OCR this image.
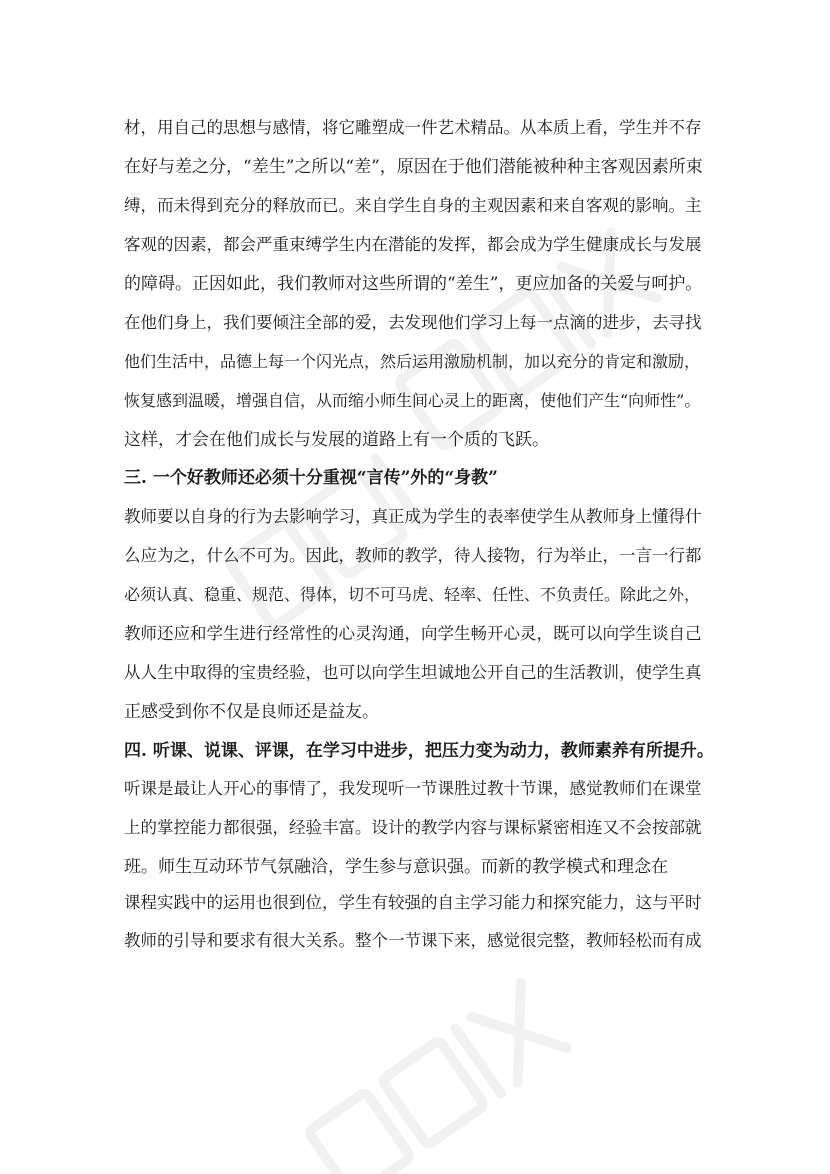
材，用自己的思想与感情，将它雕塑成一件艺术精品。从本质上看，学生并不存
在好与差之分，“差生”之所以“差”，原因在于他们潜能被种种主客观因素所束
缚，而未得到充分的释放而已。来自学生自身的主观因素和来自客观的影响。主
客观的因素，都会严重束缚学生内在潜能的发挥，都会成为学生健康成长与发展
的障碍。正因如此，我们教师对这些所谓的“差生”，更应加备的关爱与呵护。
在他们身上，我们要倾注全部的爱，去发现他们学习上每一点滴的进步，去寻找
他们生活中，品德上每一个闪光点，然后运用激励机制，加以充分的肯定和激励，
恢复感到温暖，增强自信，从而缩小师生间心灵上的距离，使他们产生“向师性”。
这样，才会在他们成长与发展的道路上有一个质的飞跃。
三. 一个好教师还必须十分重视“言传”外的“身教”
教师要以自身的行为去影响学习，真正成为学生的表率使学生从教师身上懂得什
么应为之，什么不可为。因此，教师的教学，待人接物，行为举止，一言一行都
必须认真、稳重、规范、得体，切不可马虎、轻率、任性、不负责任。除此之外，
教师还应和学生进行经常性的心灵沟通，向学生畅开心灵，既可以向学生谈自己
从人生中取得的宝贵经验，也可以向学生坦诚地公开自己的生活教训，使学生真
正感受到你不仅是良师还是益友。
四. 听课、说课、评课，在学习中进步，把压力变为动力，教师素养有所提升。
听课是最让人开心的事情了，我发现听一节课胜过教十节课，感觉教师们在课堂
上的掌控能力都很强，经验丰富。设计的教学内容与课标紧密相连又不会按部就
班。师生互动环节气氛融洽，学生参与意识强。而新的教学模式和理念在
课程实践中的运用也很到位，学生有较强的自主学习能力和探究能力，这与平时
教师的引导和要求有很大关系。整个一节课下来，感觉很完整，教师轻松而有成
